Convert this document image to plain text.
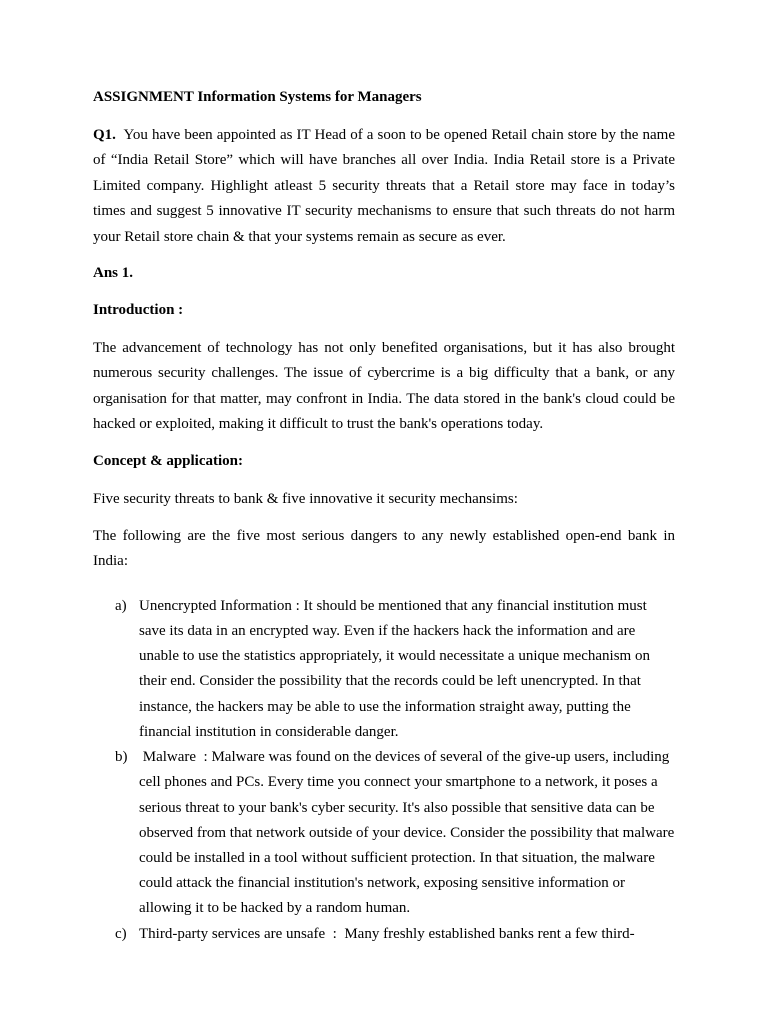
ASSIGNMENT Information Systems for Managers

Q1. You have been appointed as IT Head of a soon to be opened Retail chain store by the name of “India Retail Store” which will have branches all over India. India Retail store is a Private Limited company. Highlight atleast 5 security threats that a Retail store may face in today’s times and suggest 5 innovative IT security mechanisms to ensure that such threats do not harm your Retail store chain & that your systems remain as secure as ever.

Ans 1.
Introduction :

The advancement of technology has not only benefited organisations, but it has also brought numerous security challenges. The issue of cybercrime is a big difficulty that a bank, or any organisation for that matter, may confront in India. The data stored in the bank's cloud could be hacked or exploited, making it difficult to trust the bank's operations today.

Concept & application:

Five security threats to bank & five innovative it security mechansims:

The following are the five most serious dangers to any newly established open-end bank in India:

a) Unencrypted Information : It should be mentioned that any financial institution must save its data in an encrypted way. Even if the hackers hack the information and are unable to use the statistics appropriately, it would necessitate a unique mechanism on their end. Consider the possibility that the records could be left unencrypted. In that instance, the hackers may be able to use the information straight away, putting the financial institution in considerable danger.
b) Malware  : Malware was found on the devices of several of the give-up users, including cell phones and PCs. Every time you connect your smartphone to a network, it poses a serious threat to your bank's cyber security. It's also possible that sensitive data can be observed from that network outside of your device. Consider the possibility that malware could be installed in a tool without sufficient protection. In that situation, the malware could attack the financial institution's network, exposing sensitive information or allowing it to be hacked by a random human.
c) Third-party services are unsafe  :  Many freshly established banks rent a few third-
